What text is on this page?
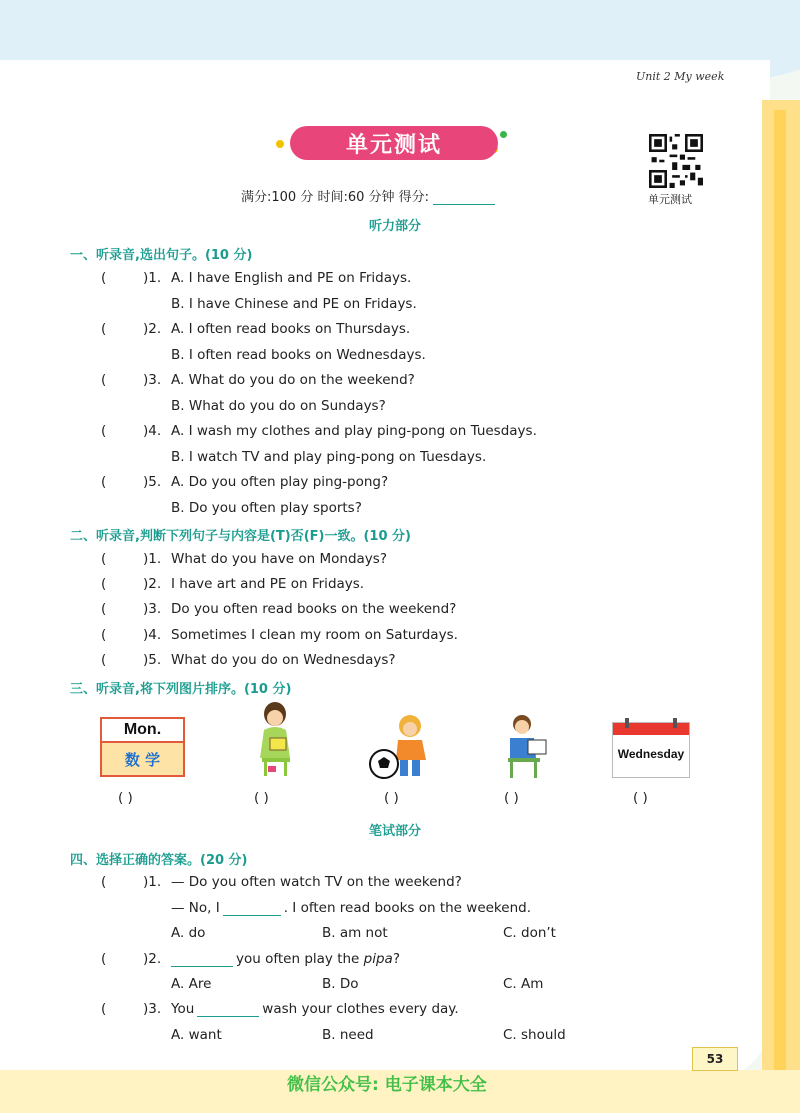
Unit 2 My week
单元测试
单元测试
满分:100 分 时间:60 分钟 得分:
听力部分
一、听录音,选出句子。(10 分)
(	)1. A. I have English and PE on Fridays.
B. I have Chinese and PE on Fridays.
(	)2. A. I often read books on Thursdays.
B. I often read books on Wednesdays.
(	)3. A. What do you do on the weekend?
B. What do you do on Sundays?
(	)4. A. I wash my clothes and play ping-pong on Tuesdays.
B. I watch TV and play ping-pong on Tuesdays.
(	)5. A. Do you often play ping-pong?
B. Do you often play sports?
二、听录音,判断下列句子与内容是(T)否(F)一致。(10 分)
(	)1. What do you have on Mondays?
(	)2. I have art and PE on Fridays.
(	)3. Do you often read books on the weekend?
(	)4. Sometimes I clean my room on Saturdays.
(	)5. What do you do on Wednesdays?
三、听录音,将下列图片排序。(10 分)
Mon.
数 学	Wednesday
( )	( )	( )	( )	( )
笔试部分
四、选择正确的答案。(20 分)
(	)1. — Do you often watch TV on the weekend?
— No, I	. I often read books on the weekend.
A. do	B. am not	C. don’t
(	)2.	you often play the pipa?
A. Are	B. Do	C. Am
(	)3. You	wash your clothes every day.
A. want	B. need	C. should
53
微信公众号: 电子课本大全
